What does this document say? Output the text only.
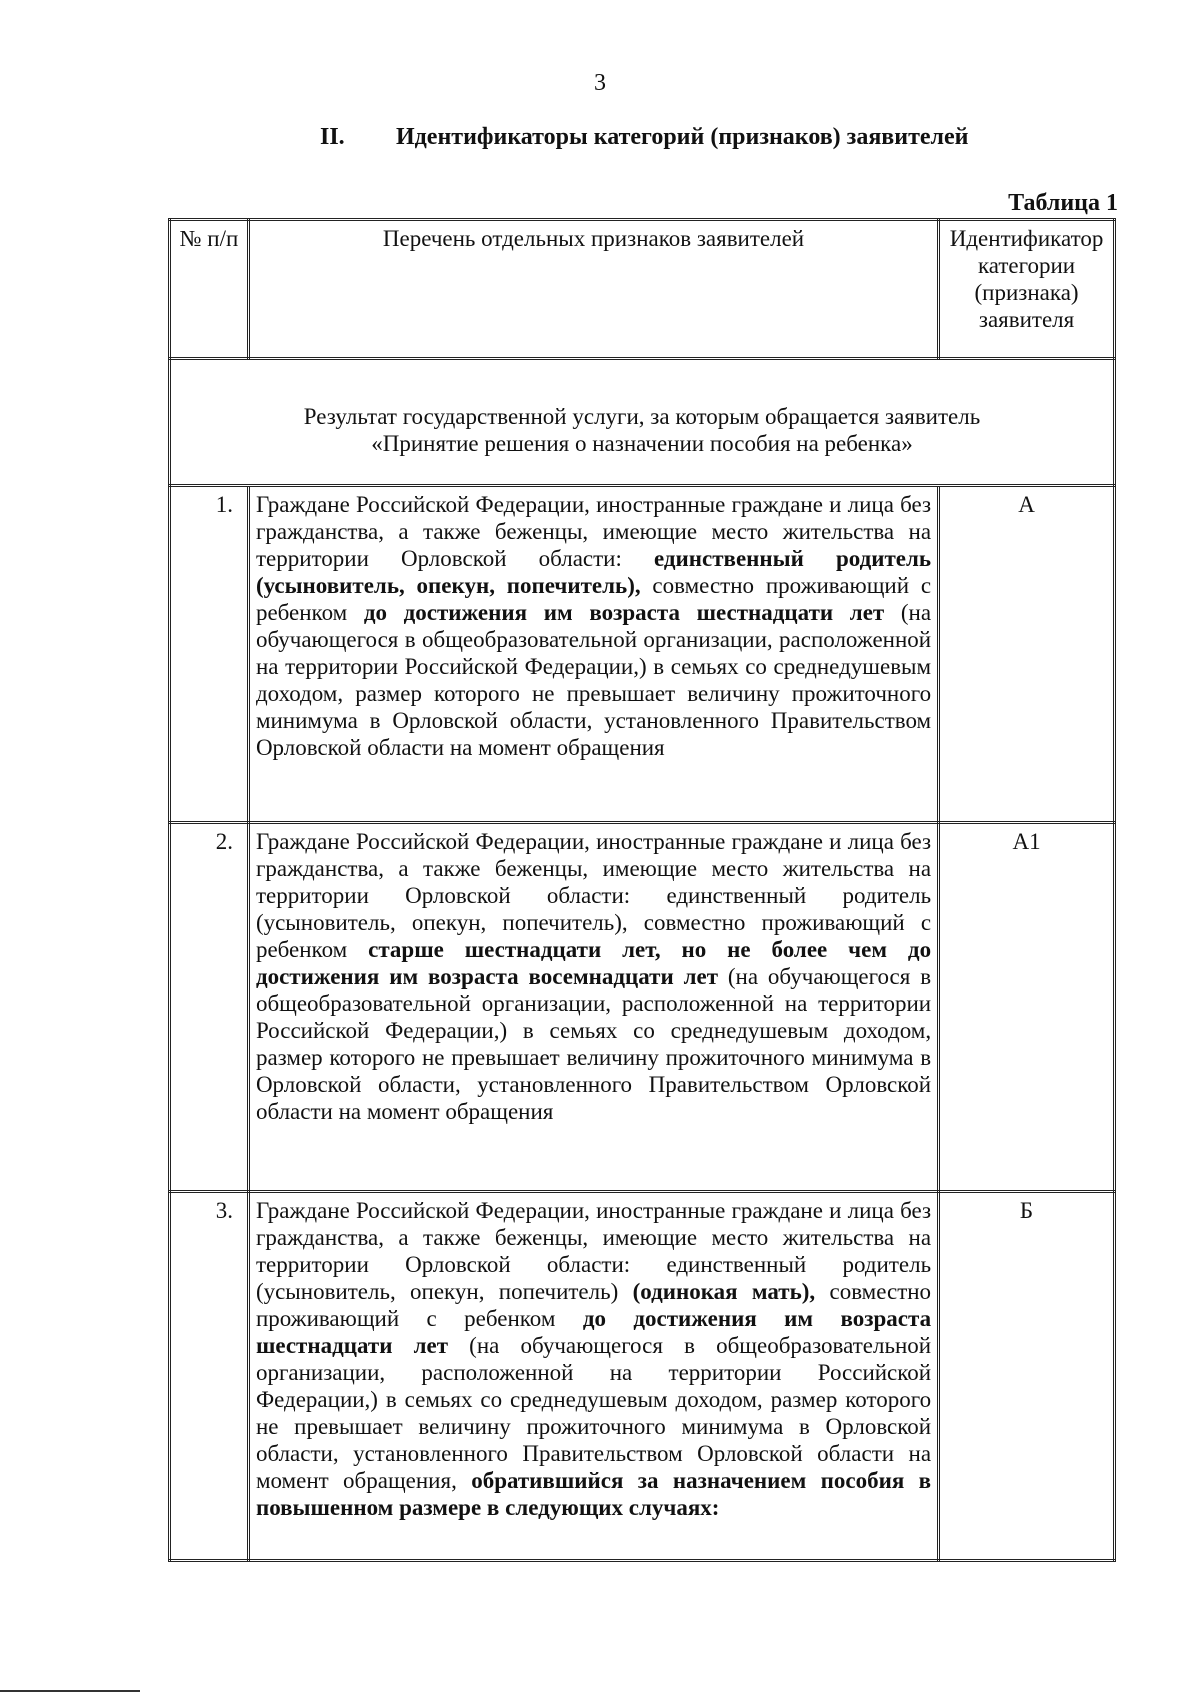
3
II. Идентификаторы категорий (признаков) заявителей
Таблица 1
№ п/п	Перечень отдельных признаков заявителей	Идентификатор категории (признака) заявителя

Результат государственной услуги, за которым обращается заявитель
«Принятие решения о назначении пособия на ребенка»		

1.	Граждане Российской Федерации, иностранные граждане и лица без гражданства, а также беженцы, имеющие место жительства на территории Орловской области: единственный родитель (усыновитель, опекун, попечитель), совместно проживающий с ребенком до достижения им возраста шестнадцати лет (на обучающегося в общеобразовательной организации, расположенной на территории Российской Федерации,) в семьях со среднедушевым доходом, размер которого не превышает величину прожиточного минимума в Орловской области, установленного Правительством Орловской области на момент обращения	А
2.	Граждане Российской Федерации, иностранные граждане и лица без гражданства, а также беженцы, имеющие место жительства на территории Орловской области: единственный родитель (усыновитель, опекун, попечитель), совместно проживающий с ребенком старше шестнадцати лет, но не более чем до достижения им возраста восемнадцати лет (на обучающегося в общеобразовательной организации, расположенной на территории Российской Федерации,) в семьях со среднедушевым доходом, размер которого не превышает величину прожиточного минимума в Орловской области, установленного Правительством Орловской области на момент обращения	А1
3.	Граждане Российской Федерации, иностранные граждане и лица без гражданства, а также беженцы, имеющие место жительства на территории Орловской области: единственный родитель (усыновитель, опекун, попечитель) (одинокая мать), совместно проживающий с ребенком до достижения им возраста шестнадцати лет (на обучающегося в общеобразовательной организации, расположенной на территории Российской Федерации,) в семьях со среднедушевым доходом, размер которого не превышает величину прожиточного минимума в Орловской области, установленного Правительством Орловской области на момент обращения, обратившийся за назначением пособия в повышенном размере в следующих случаях:	Б
